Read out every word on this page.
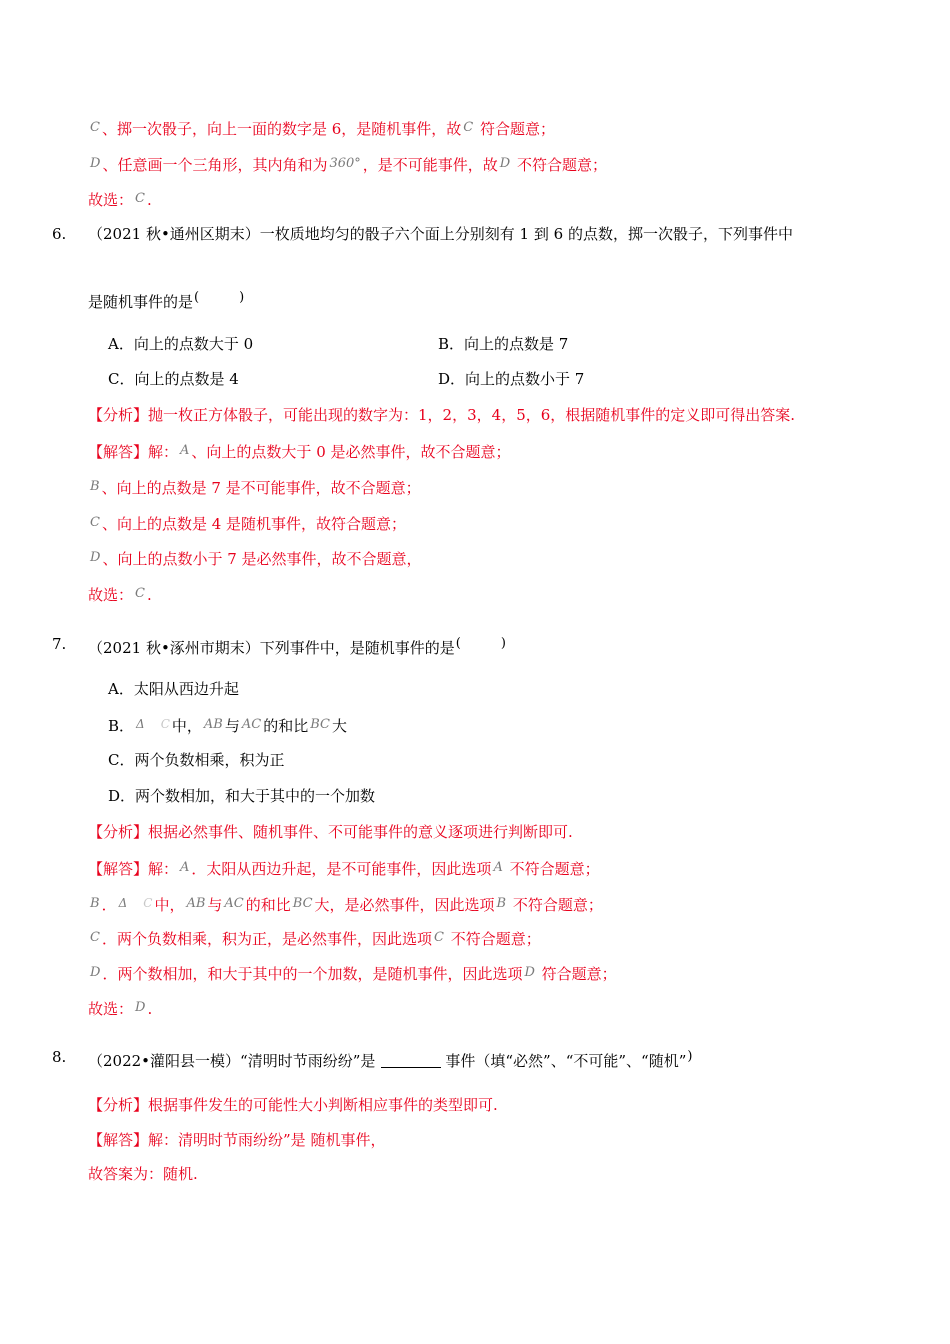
C 、掷一次骰子，向上一面的数字是 6，是随机事件，故 C 符合题意；
D 、任意画一个三角形，其内角和为 360° ，是不可能事件，故 D 不符合题意；
故选： C .
6. （2021 秋•通州区期末）一枚质地均匀的骰子六个面上分别刻有 1 到 6 的点数，掷一次骰子，下列事件中
是随机事件的是(	)
A．向上的点数大于 0	B．向上的点数是 7
C．向上的点数是 4	D．向上的点数小于 7
【分析】抛一枚正方体骰子，可能出现的数字为：1，2，3，4，5，6，根据随机事件的定义即可得出答案.
【解答】解： A 、向上的点数大于 0 是必然事件，故不合题意；
B 、向上的点数是 7 是不可能事件，故不合题意；
C 、向上的点数是 4 是随机事件，故符合题意；
D 、向上的点数小于 7 是必然事件，故不合题意，
故选： C .
7. （2021 秋•涿州市期末）下列事件中，是随机事件的是(	)
A．太阳从西边升起
B． $^\Delta$ $^C$ 中， AB 与 AC 的和比 BC 大
C．两个负数相乘，积为正
D．两个数相加，和大于其中的一个加数
【分析】根据必然事件、随机事件、不可能事件的意义逐项进行判断即可.
【解答】解： A ．太阳从西边升起，是不可能事件，因此选项 A 不符合题意；
B ． $^\Delta$ $^C$ 中， AB 与 AC 的和比 BC 大，是必然事件，因此选项 B 不符合题意；
C ．两个负数相乘，积为正，是必然事件，因此选项 C 不符合题意；
D ．两个数相加，和大于其中的一个加数，是随机事件，因此选项 D 符合题意；
故选： D .
8. （2022•灌阳县一模）“清明时节雨纷纷”是	事件（填“必然”、“不可能”、“随机”)
【分析】根据事件发生的可能性大小判断相应事件的类型即可.
【解答】解：清明时节雨纷纷”是 随机事件，
故答案为：随机.
